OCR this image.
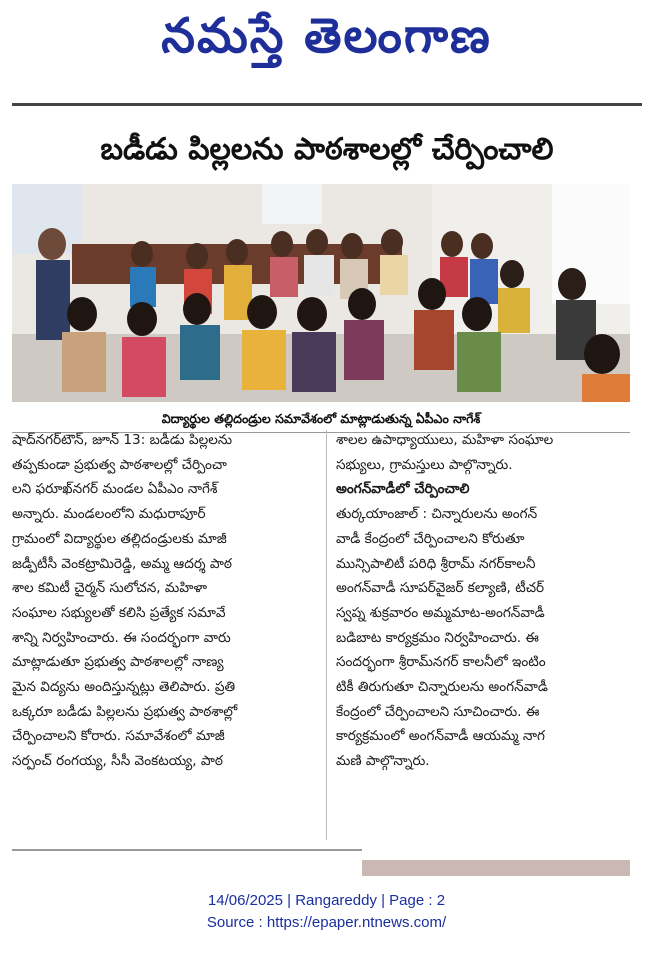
నమస్తే తెలంగాణ
బడీడు పిల్లలను పాఠశాలల్లో చేర్పించాలి
విద్యార్థుల తల్లిదండ్రుల సమావేశంలో మాట్లాడుతున్న ఏపీఎం నాగేశ్
షాద్‌నగర్‌టౌన్‌, జూన్‌ 13: బడీడు పిల్లలను
తప్పకుండా ప్రభుత్వ పాఠశాలల్లో చేర్పించా
లని ఫరూఖ్‌నగర్‌ మండల ఏపీఎం నాగేశ్‌
అన్నారు. మండలంలోని మధురాపూర్‌
గ్రామంలో విద్యార్థుల తల్లిదండ్రులకు మాజీ
జడ్పీటీసీ వెంకట్రామిరెడ్డి, అమ్మ ఆదర్శ పాఠ
శాల కమిటీ చైర్మన్‌ సులోచన, మహిళా
సంఘాల సభ్యులతో కలిసి ప్రత్యేక సమావే
శాన్ని నిర్వహించారు. ఈ సందర్భంగా వారు
మాట్లాడుతూ ప్రభుత్వ పాఠశాలల్లో నాణ్య
మైన విద్యను అందిస్తున్నట్లు తెలిపారు. ప్రతి
ఒక్కరూ బడీడు పిల్లలను ప్రభుత్వ పాఠశాల్లో
చేర్పించాలని కోరారు. సమావేశంలో మాజీ
సర్పంచ్‌ రంగయ్య, సీసీ వెంకటయ్య, పాఠ
శాలల ఉపాధ్యాయులు, మహిళా సంఘాల
సభ్యులు, గ్రామస్తులు పాల్గొన్నారు.
అంగన్‌వాడీలో చేర్పించాలి
తుర్కయాంజాల్‌ : చిన్నారులను అంగన్‌
వాడీ కేంద్రంలో చేర్పించాలని కోరుతూ
మున్సిపాలిటీ పరిధి శ్రీరామ్‌ నగర్‌కాలనీ
అంగన్‌వాడీ సూపర్‌వైజర్‌ కల్యాణి, టీచర్‌
స్వప్న శుక్రవారం అమ్మమాట-అంగన్‌వాడీ
బడిబాట కార్యక్రమం నిర్వహించారు. ఈ
సందర్భంగా శ్రీరామ్‌నగర్‌ కాలనీలో ఇంటిం
టికీ తిరుగుతూ చిన్నారులను అంగన్‌వాడీ
కేంద్రంలో చేర్పించాలని సూచించారు. ఈ
కార్యక్రమంలో అంగన్‌వాడీ ఆయమ్మ నాగ
మణి పాల్గొన్నారు.
14/06/2025 | Rangareddy | Page : 2
Source : https://epaper.ntnews.com/
